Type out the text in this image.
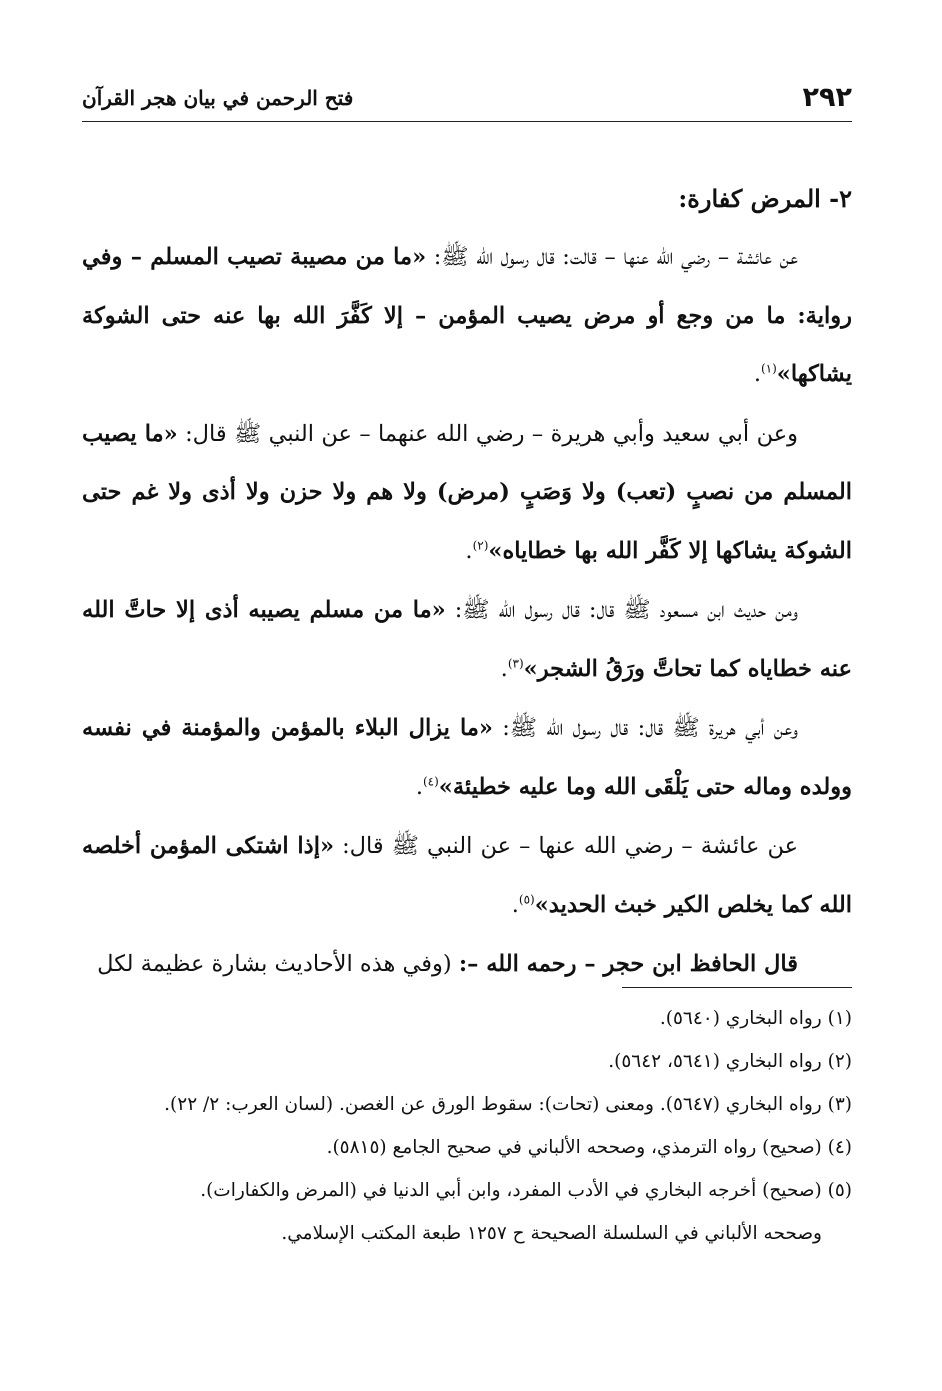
٢٩٢
فتح الرحمن في بيان هجر القرآن

٢- المرض كفارة:

عن عائشة – رضي الله عنها – قالت: قال رسول الله ﷺ: «ما من مصيبة تصيب المسلم – وفي رواية: ما من وجع أو مرض يصيب المؤمن – إلا كَفَّرَ الله بها عنه حتى الشوكة يشاكها»$^{(١)}$.

وعن أبي سعيد وأبي هريرة – رضي الله عنهما – عن النبي ﷺ قال: «ما يصيب المسلم من نصبٍ (تعب) ولا وَصَبٍ (مرض) ولا هم ولا حزن ولا أذى ولا غم حتى الشوكة يشاكها إلا كَفَّر الله بها خطاياه»$^{(٢)}$.

ومن حديث ابن مسعود ﷺ قال: قال رسول الله ﷺ: «ما من مسلم يصيبه أذى إلا حاتَّ الله عنه خطاياه كما تحاتَّ ورَقُ الشجر»$^{(٣)}$.

وعن أبي هريرة ﷺ قال: قال رسول الله ﷺ: «ما يزال البلاء بالمؤمن والمؤمنة في نفسه وولده وماله حتى يَلْقَى الله وما عليه خطيئة»$^{(٤)}$.

عن عائشة – رضي الله عنها – عن النبي ﷺ قال: «إذا اشتكى المؤمن أخلصه الله كما يخلص الكير خبث الحديد»$^{(٥)}$.

قال الحافظ ابن حجر – رحمه الله –: (وفي هذه الأحاديث بشارة عظيمة لكل

(١) رواه البخاري (٥٦٤٠).

(٢) رواه البخاري (٥٦٤١، ٥٦٤٢).

(٣) رواه البخاري (٥٦٤٧). ومعنى (تحات): سقوط الورق عن الغصن. (لسان العرب: ٢/ ٢٢).

(٤) (صحيح) رواه الترمذي، وصححه الألباني في صحيح الجامع (٥٨١٥).

(٥) (صحيح) أخرجه البخاري في الأدب المفرد، وابن أبي الدنيا في (المرض والكفارات).

وصححه الألباني في السلسلة الصحيحة ح ١٢٥٧ طبعة المكتب الإسلامي.
